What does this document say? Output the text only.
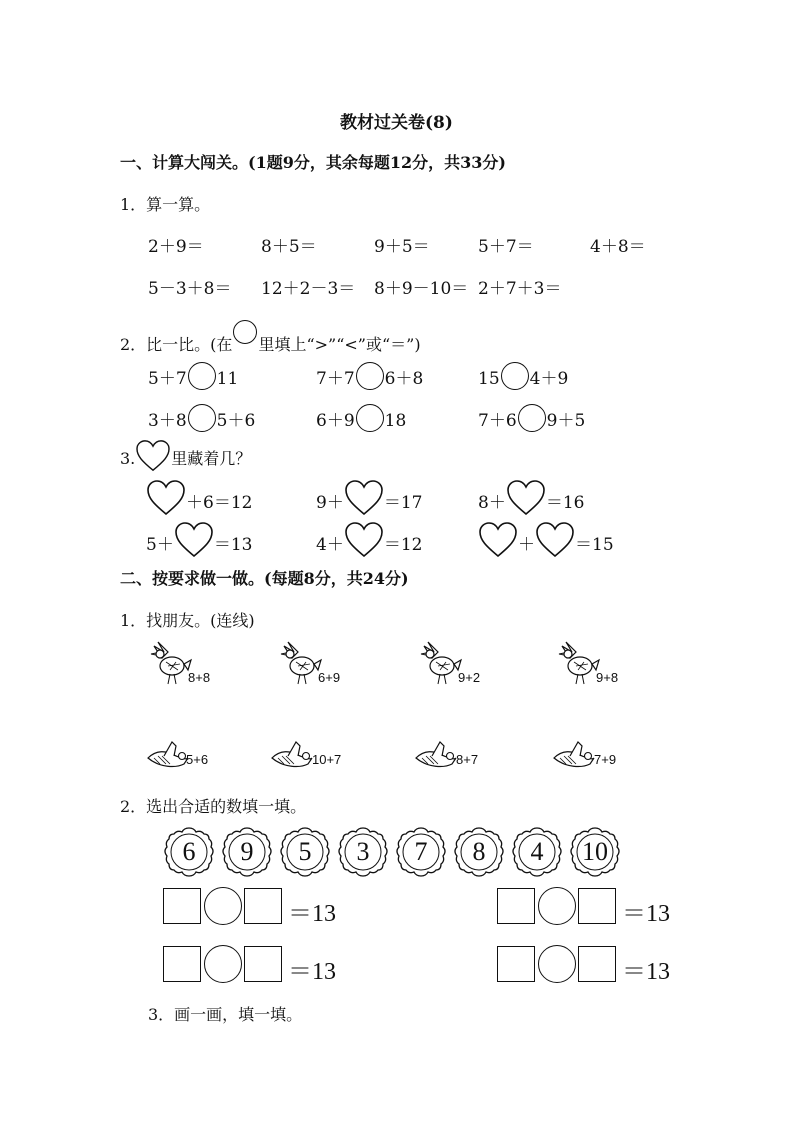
教材过关卷(8)
一、计算大闯关。(1题9分，其余每题12分，共33分)
1．算一算。
2＋9＝	8＋5＝	9＋5＝	5＋7＝	4＋8＝
5－3＋8＝ 12＋2－3＝ 8＋9－10＝ 2＋7＋3＝
2．比一比。(在 里填上“>”“<”或“＝”)
5＋7 11	7＋7 6＋8	15 4＋9
3＋8 5＋6	6＋9 18	7＋6 9＋5
3. 里藏着几？
＋6＝12	9＋ ＝17	8＋ ＝16
5＋ ＝13	4＋ ＝12	＋ ＝15
二、按要求做一做。(每题8分，共24分)
1．找朋友。(连线)
8+8	6+9	9+2	9+8
5+6	10+7	8+7	7+9
2．选出合适的数填一填。
6	9	5	3	7	8	4	10
＝13	＝13
＝13	＝13
3．画一画，填一填。
